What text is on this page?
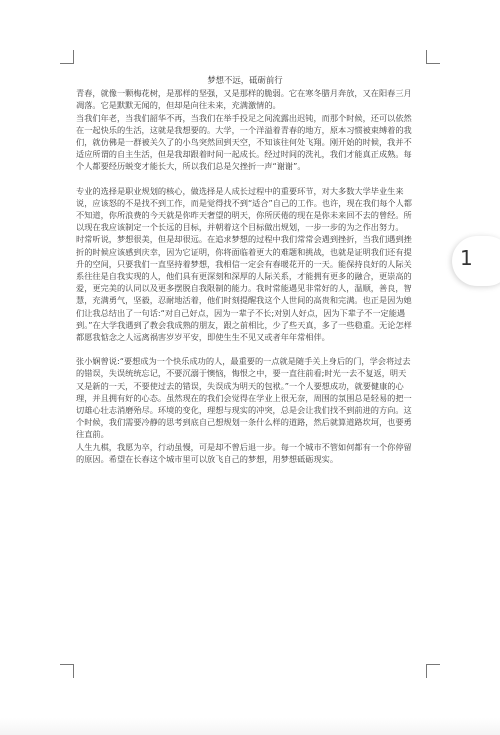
梦想不远，砥砺前行

青春，就像一颗梅花树，是那样的坚强，又是那样的脆弱。它在寒冬腊月奔放，又在阳春三月凋落。它是默默无闻的，但却是向往未来，充满激情的。

当我们年老，当我们韶华不再，当我们在举手投足之间流露出迟钝，而那个时候，还可以依然在一起快乐的生活，这就是我想要的。大学，一个洋溢着青春的地方，原本习惯被束缚着的我们，就仿佛是一群被关久了的小鸟突然回到天空，不知该往何处飞翔。刚开始的时候，我并不适应所谓的自主生活，但是我却跟着时间一起成长。经过时间的洗礼，我们才能真正成熟。每个人都要经历蜕变才能长大，所以我们总是欠挫折一声“谢谢”。

专业的选择是职业规划的核心，做选择是人成长过程中的重要环节，对大多数大学毕业生来说，应该怒的不是找不到工作，而是觉得找不到“适合”自己的工作。也许，现在我们每个人都不知道，你所浪费的今天就是你昨天奢望的明天，你所厌倦的现在是你未来回不去的曾经。所以现在我应该制定一个长远的目标，并朝着这个目标做出规划，一步一步的为之作出努力。

时常听说，梦想很美，但是却很远。在追求梦想的过程中我们常常会遇到挫折，当我们遇到挫折的时候应该感到庆幸，因为它证明，你将面临着更大的难题和挑战，也就是证明我们还有提升的空间，只要我们一直坚持着梦想，我相信一定会有春暖花开的一天。能保持良好的人际关系往往是自我实现的人，他们具有更深刻和深厚的人际关系，才能拥有更多的融合，更崇高的爱，更完美的认同以及更多摆脱自我限制的能力。我时常能遇见非常好的人，温顺，善良，智慧，充满勇气，坚毅，忍耐地活着，他们时刻提醒我这个人世间的高贵和完满。也正是因为她们让我总结出了一句话:“对自己好点，因为一辈子不长;对别人好点，因为下辈子不一定能遇到。”在大学我遇到了教会我成熟的朋友，跟之前相比，少了些天真，多了一些稳重。无论怎样都愿我惦念之人远离祸害岁岁平安，即使生生不见又或者年年常相伴。

张小娴曾说:“要想成为一个快乐成功的人，最重要的一点就是随手关上身后的门，学会将过去的错误，失误统统忘记，不要沉溺于懊恼，悔恨之中，要一直往前看;时光一去不复返，明天又是新的一天，不要使过去的错误，失误成为明天的包袱。”一个人要想成功，就要健康的心理，并且拥有好的心态。虽然现在的我们会觉得在学业上很无奈，周围的氛围总是轻易的把一切雄心壮志消磨殆尽。环境的变化，理想与现实的冲突，总是会让我们找不到前进的方向。这个时候，我们需要冷静的思考到底自己想规划一条什么样的道路，然后就算道路坎坷，也要勇往直前。

人生九棋，我愿为卒，行动虽慢，可是却不曾后退一步。每一个城市不管如何都有一个你停留的原因。希望在长春这个城市里可以放飞自己的梦想，用梦想砥砺现实。

1
